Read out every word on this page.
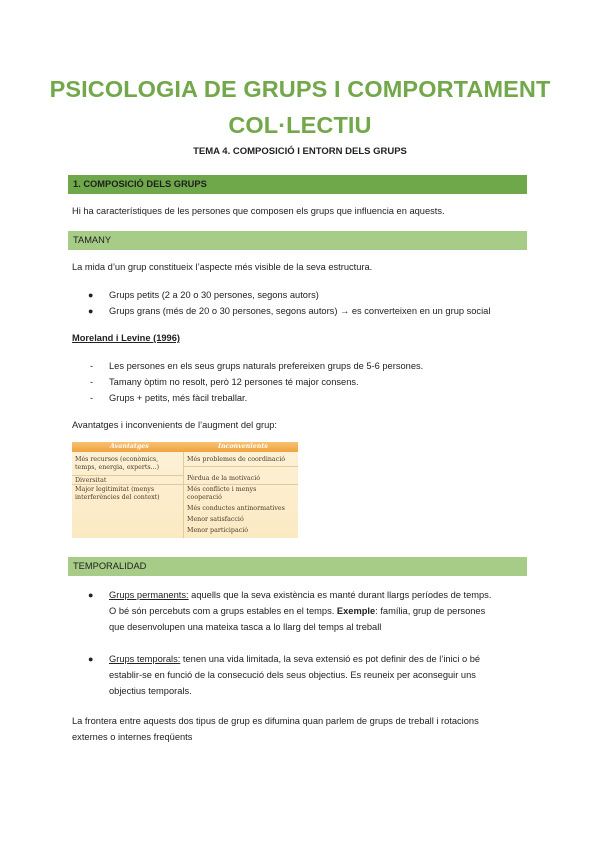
PSICOLOGIA DE GRUPS I COMPORTAMENT
COL·LECTIU
TEMA 4. COMPOSICIÓ I ENTORN DELS GRUPS
1. COMPOSICIÓ DELS GRUPS
Hi ha característiques de les persones que composen els grups que influencia en aquests.
TAMANY
La mida d’un grup constitueix l’aspecte més visible de la seva estructura.
● Grups petits (2 a 20 o 30 persones, segons autors)
● Grups grans (més de 20 o 30 persones, segons autors) → es converteixen en un grup social
Moreland i Levine (1996)
- Les persones en els seus grups naturals prefereixen grups de 5-6 persones.
- Tamany òptim no resolt, però 12 persones té major consens.
- Grups + petits, més fàcil treballar.
Avantatges i inconvenients de l’augment del grup:
Avantatges	Inconvenients
Més recursos (econòmics,
temps, energia, experts...)
Diversitat
Major legitimitat (menys
interferències del context)
Més problemes de coordinació
Pèrdua de la motivació
Més conflicte i menys
cooperació
Més conductes antinormatives
Menor satisfacció
Menor participació
TEMPORALIDAD
● Grups permanents: aquells que la seva existència es manté durant llargs períodes de temps.
O bé són percebuts com a grups estables en el temps. Exemple: família, grup de persones
que desenvolupen una mateixa tasca a lo llarg del temps al treball
● Grups temporals: tenen una vida limitada, la seva extensió es pot definir des de l’inici o bé
establir-se en funció de la consecució dels seus objectius. Es reuneix per aconseguir uns
objectius temporals.
La frontera entre aquests dos tipus de grup es difumina quan parlem de grups de treball i rotacions
externes o internes freqüents
